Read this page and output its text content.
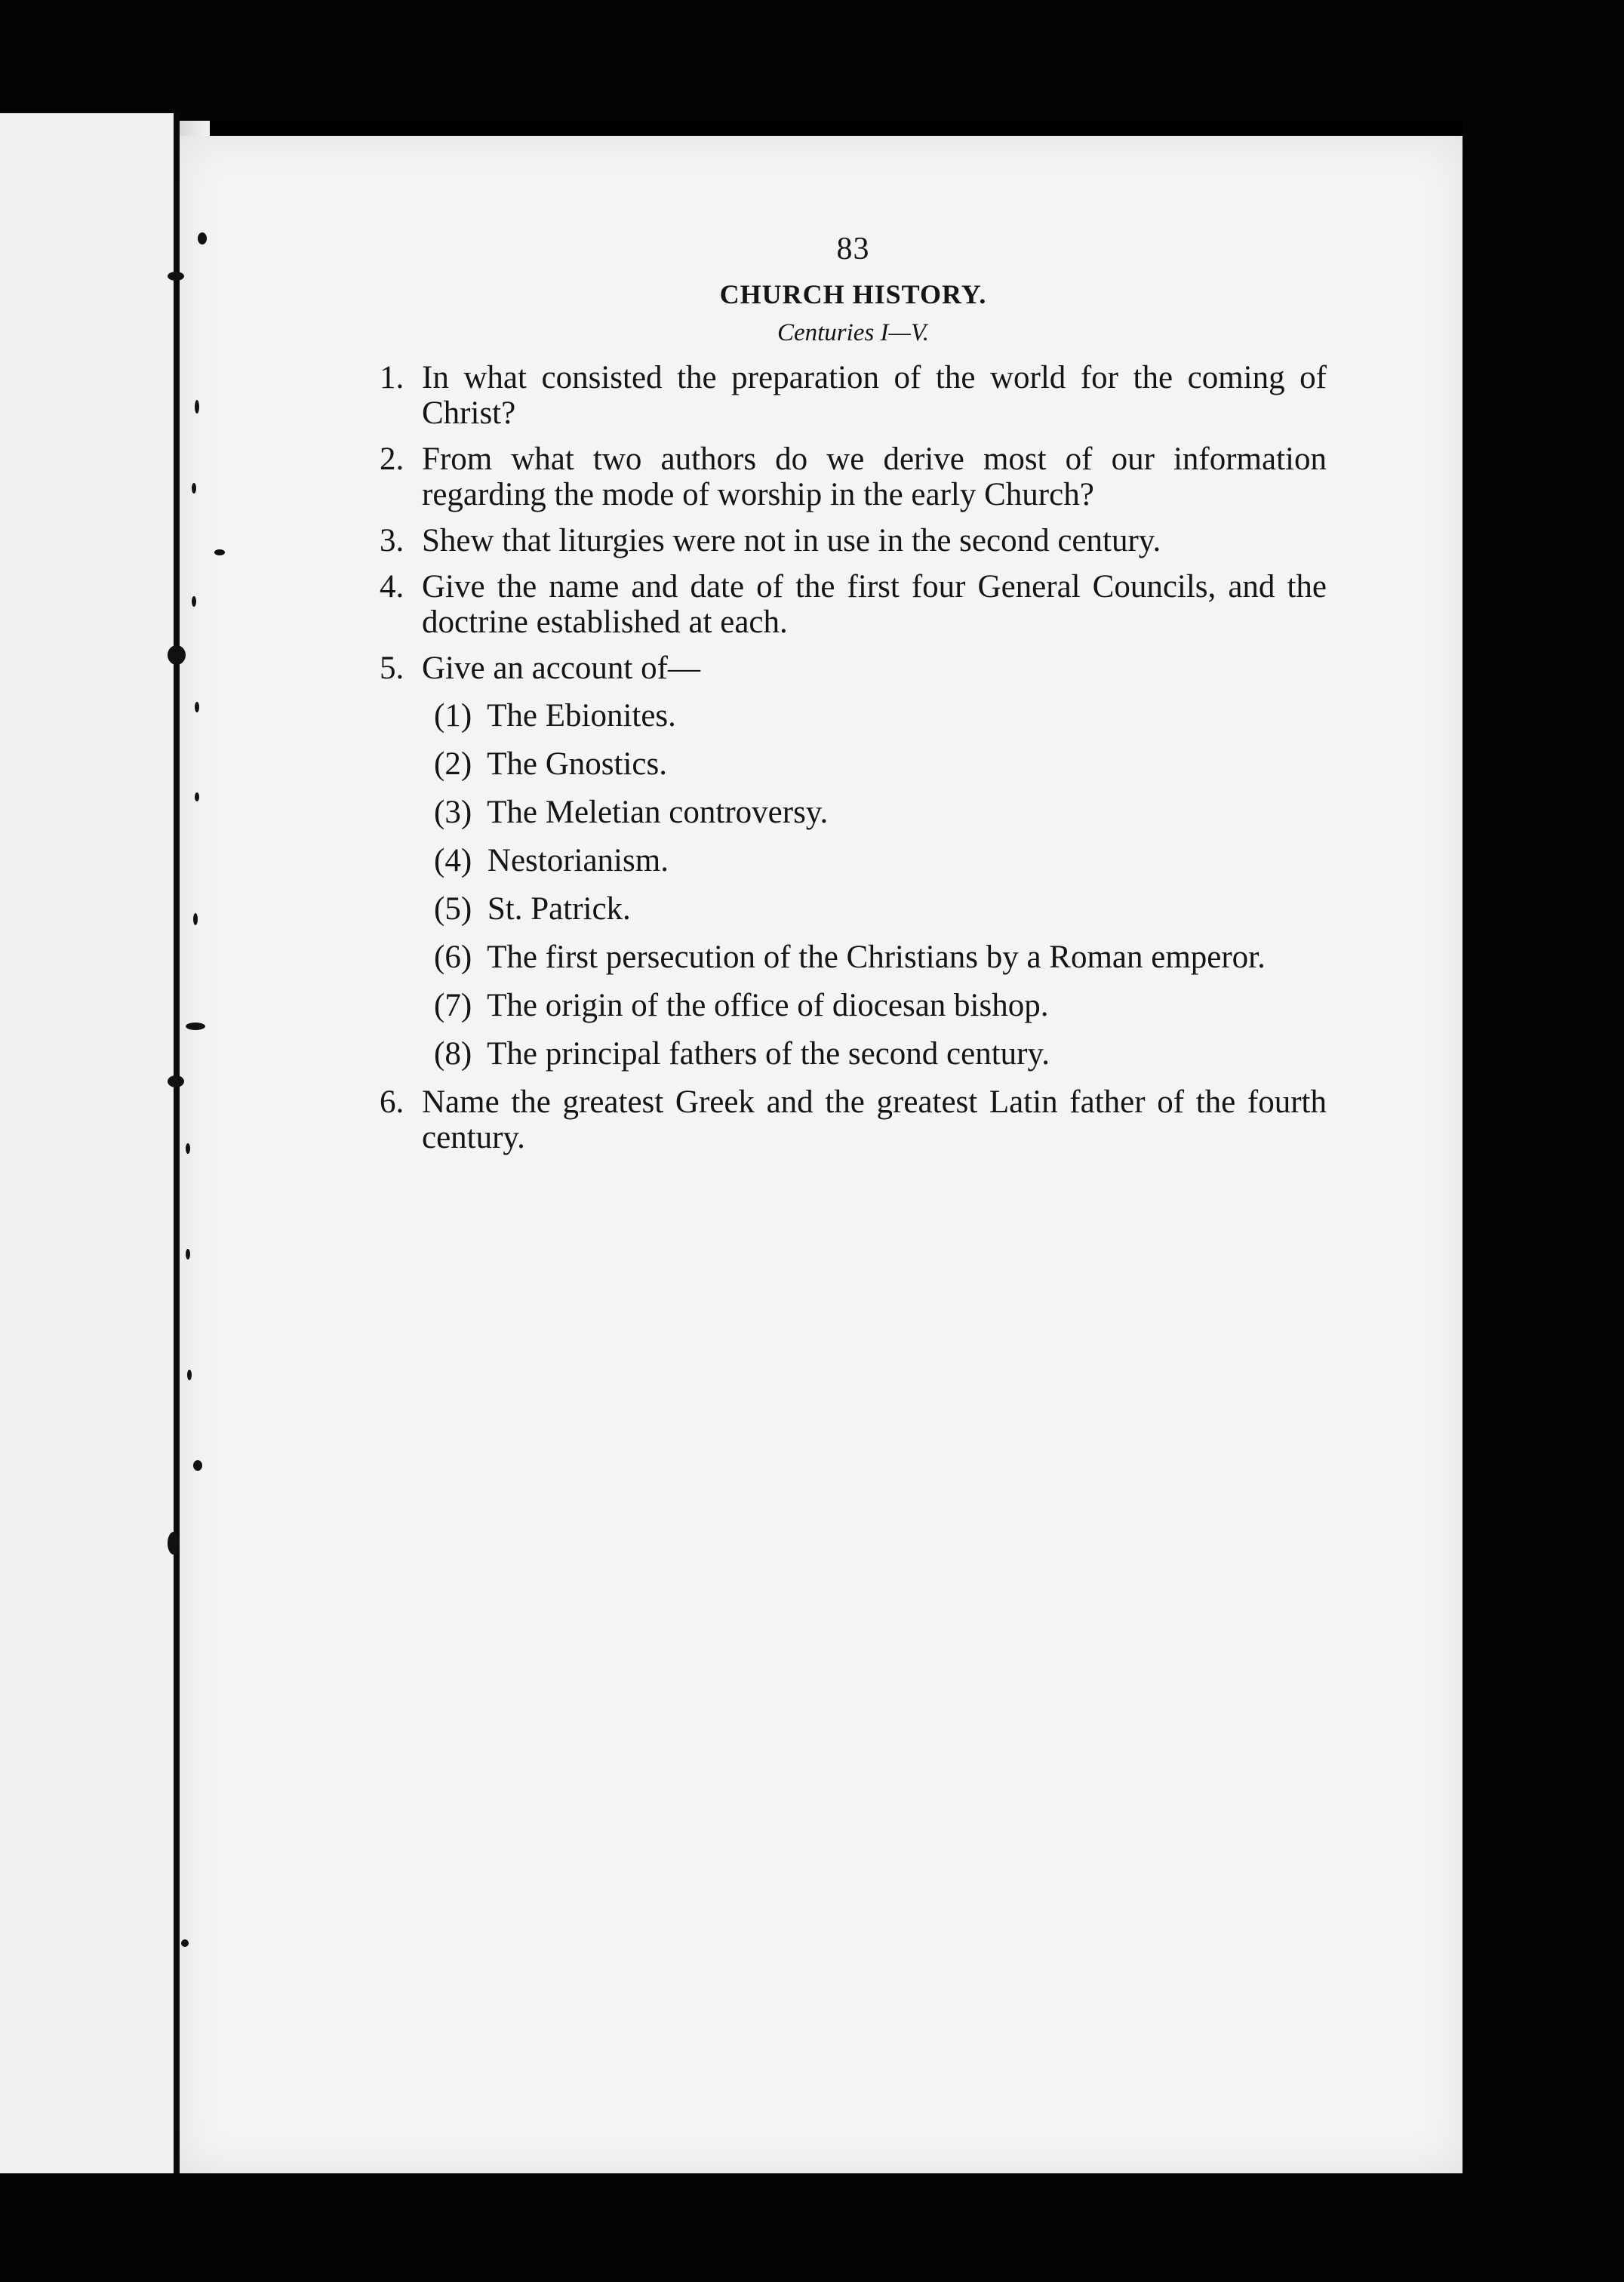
83
CHURCH HISTORY.
Centuries I—V.
1. In what consisted the preparation of the world for the coming of Christ?
2. From what two authors do we derive most of our information regarding the mode of worship in the early Church?
3. Shew that liturgies were not in use in the second century.
4. Give the name and date of the first four General Councils, and the doctrine established at each.
5. Give an account of—
(1) The Ebionites.
(2) The Gnostics.
(3) The Meletian controversy.
(4) Nestorianism.
(5) St. Patrick.
(6) The first persecution of the Christians by a Roman emperor.
(7) The origin of the office of diocesan bishop.
(8) The principal fathers of the second century.
6. Name the greatest Greek and the greatest Latin father of the fourth century.
